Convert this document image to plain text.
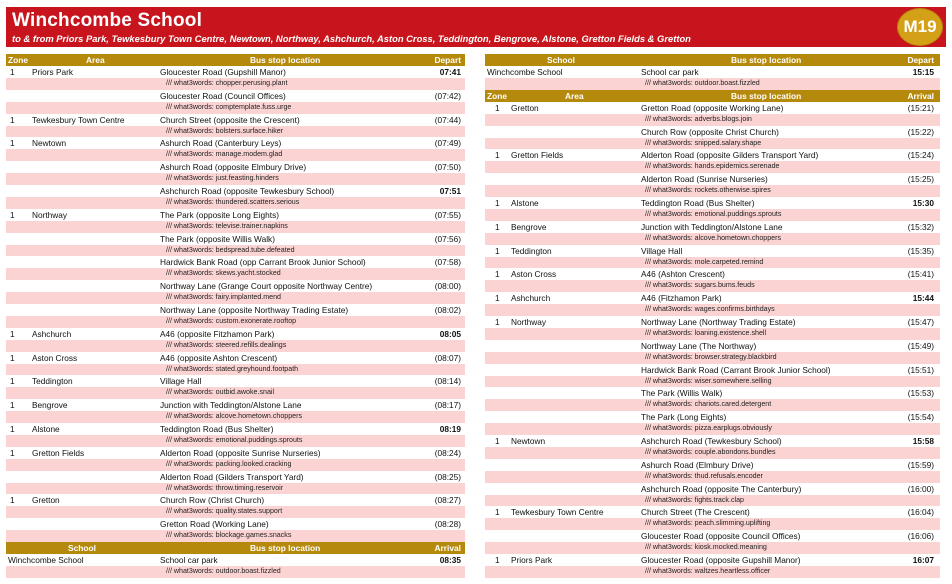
Winchcombe School
to & from Priors Park, Tewkesbury Town Centre, Newtown, Northway, Ashchurch, Aston Cross, Teddington, Bengrove, Alstone, Gretton Fields & Gretton
M19
Zone	Area	Bus stop location	Depart
1 Priors Park	Gloucester Road (Gupshill Manor)	07:41
/// what3words: chopper.perusing.plant
Gloucester Road (Council Offices)	(07:42)
/// what3words: comptemplate.fuss.urge
1 Tewkesbury Town Centre	Church Street (opposite the Crescent)	(07:44)
/// what3words: bolsters.surface.hiker
1 Newtown	Ashurch Road (Canterbury Leys)	(07:49)
/// what3words: manage.modem.glad
Ashurch Road (opposite Elmbury Drive)	(07:50)
/// what3words: just.feasting.hinders
Ashchurch Road (opposite Tewkesbury School)	07:51
/// what3words: thundered.scatters.serious
1 Northway	The Park (opposite Long Eights)	(07:55)
/// what3words: televise.trainer.napkins
The Park (opposite Willis Walk)	(07:56)
/// what3words: bedspread.tube.defeated
Hardwick Bank Road (opp Carrant Brook Junior School)	(07:58)
/// what3words: skews.yacht.stocked
Northway Lane (Grange Court opposite Northway Centre)	(08:00)
/// what3words: fairy.implanted.mend
Northway Lane (opposite Northway Trading Estate)	(08:02)
/// what3words: custom.exonerate.rooftop
1 Ashchurch	A46 (opposite Fitzhamon Park)	08:05
/// what3words: steered.refills.dealings
1 Aston Cross	A46 (opposite Ashton Crescent)	(08:07)
/// what3words: stated.greyhound.footpath
1 Teddington	Village Hall	(08:14)
/// what3words: outbid.awoke.snail
1 Bengrove	Junction with Teddington/Alstone Lane	(08:17)
/// what3words: alcove.hometown.choppers
1 Alstone	Teddington Road (Bus Shelter)	08:19
/// what3words: emotional.puddings.sprouts
1 Gretton Fields	Alderton Road (opposite Sunrise Nurseries)	(08:24)
/// what3words: packing.looked.cracking
Alderton Road (Gilders Transport Yard)	(08:25)
/// what3words: throw.timing.reservoir
1 Gretton	Church Row (Christ Church)	(08:27)
/// what3words: quality.states.support
Gretton Road (Working Lane)	(08:28)
/// what3words: blockage.games.snacks
School	Bus stop location	Arrival
Winchcombe School	School car park	08:35
/// what3words: outdoor.boast.fizzled
School	Bus stop location	Depart
Winchcombe School	School car park	15:15
/// what3words: outdoor.boast.fizzled
Zone	Area	Bus stop location	Arrival
1 Gretton	Gretton Road (opposite Working Lane)	(15:21)
/// what3words: adverbs.blogs.join
Church Row (opposite Christ Church)	(15:22)
/// what3words: snipped.salary.shape
1 Gretton Fields	Alderton Road (opposite Gilders Transport Yard)	(15:24)
/// what3words: hands.epidemics.serenade
Alderton Road (Sunrise Nurseries)	(15:25)
/// what3words: rockets.otherwise.spires
1 Alstone	Teddington Road (Bus Shelter)	15:30
/// what3words: emotional.puddings.sprouts
1 Bengrove	Junction with Teddington/Alstone Lane	(15:32)
/// what3words: alcove.hometown.choppers
1 Teddington	Village Hall	(15:35)
/// what3words: mole.carpeted.remind
1 Aston Cross	A46 (Ashton Crescent)	(15:41)
/// what3words: sugars.bums.feuds
1 Ashchurch	A46 (Fitzhamon Park)	15:44
/// what3words: wages.confirms.birthdays
1 Northway	Northway Lane (Northway Trading Estate)	(15:47)
/// what3words: loaning.existence.shell
Northway Lane (The Northway)	(15:49)
/// what3words: browser.strategy.blackbird
Hardwick Bank Road (Carrant Brook Junior School)	(15:51)
/// what3words: wiser.somewhere.selling
The Park (Willis Walk)	(15:53)
/// what3words: chariots.cared.detergent
The Park (Long Eights)	(15:54)
/// what3words: pizza.earplugs.obviously
1 Newtown	Ashchurch Road (Tewkesbury School)	15:58
/// what3words: couple.abondons.bundles
Ashurch Road (Elmbury Drive)	(15:59)
/// what3words: thud.refusals.encoder
Ashchurch Road (opposite The Canterbury)	(16:00)
/// what3words: fights.track.clap
1 Tewkesbury Town Centre	Church Street (The Crescent)	(16:04)
/// what3words: peach.slimming.uplifting
Gloucester Road (opposite Council Offices)	(16:06)
/// what3words: kiosk.mocked.meaning
1 Priors Park	Gloucester Road (opposite Gupshill Manor)	16:07
/// what3words: waltzes.heartless.officer
